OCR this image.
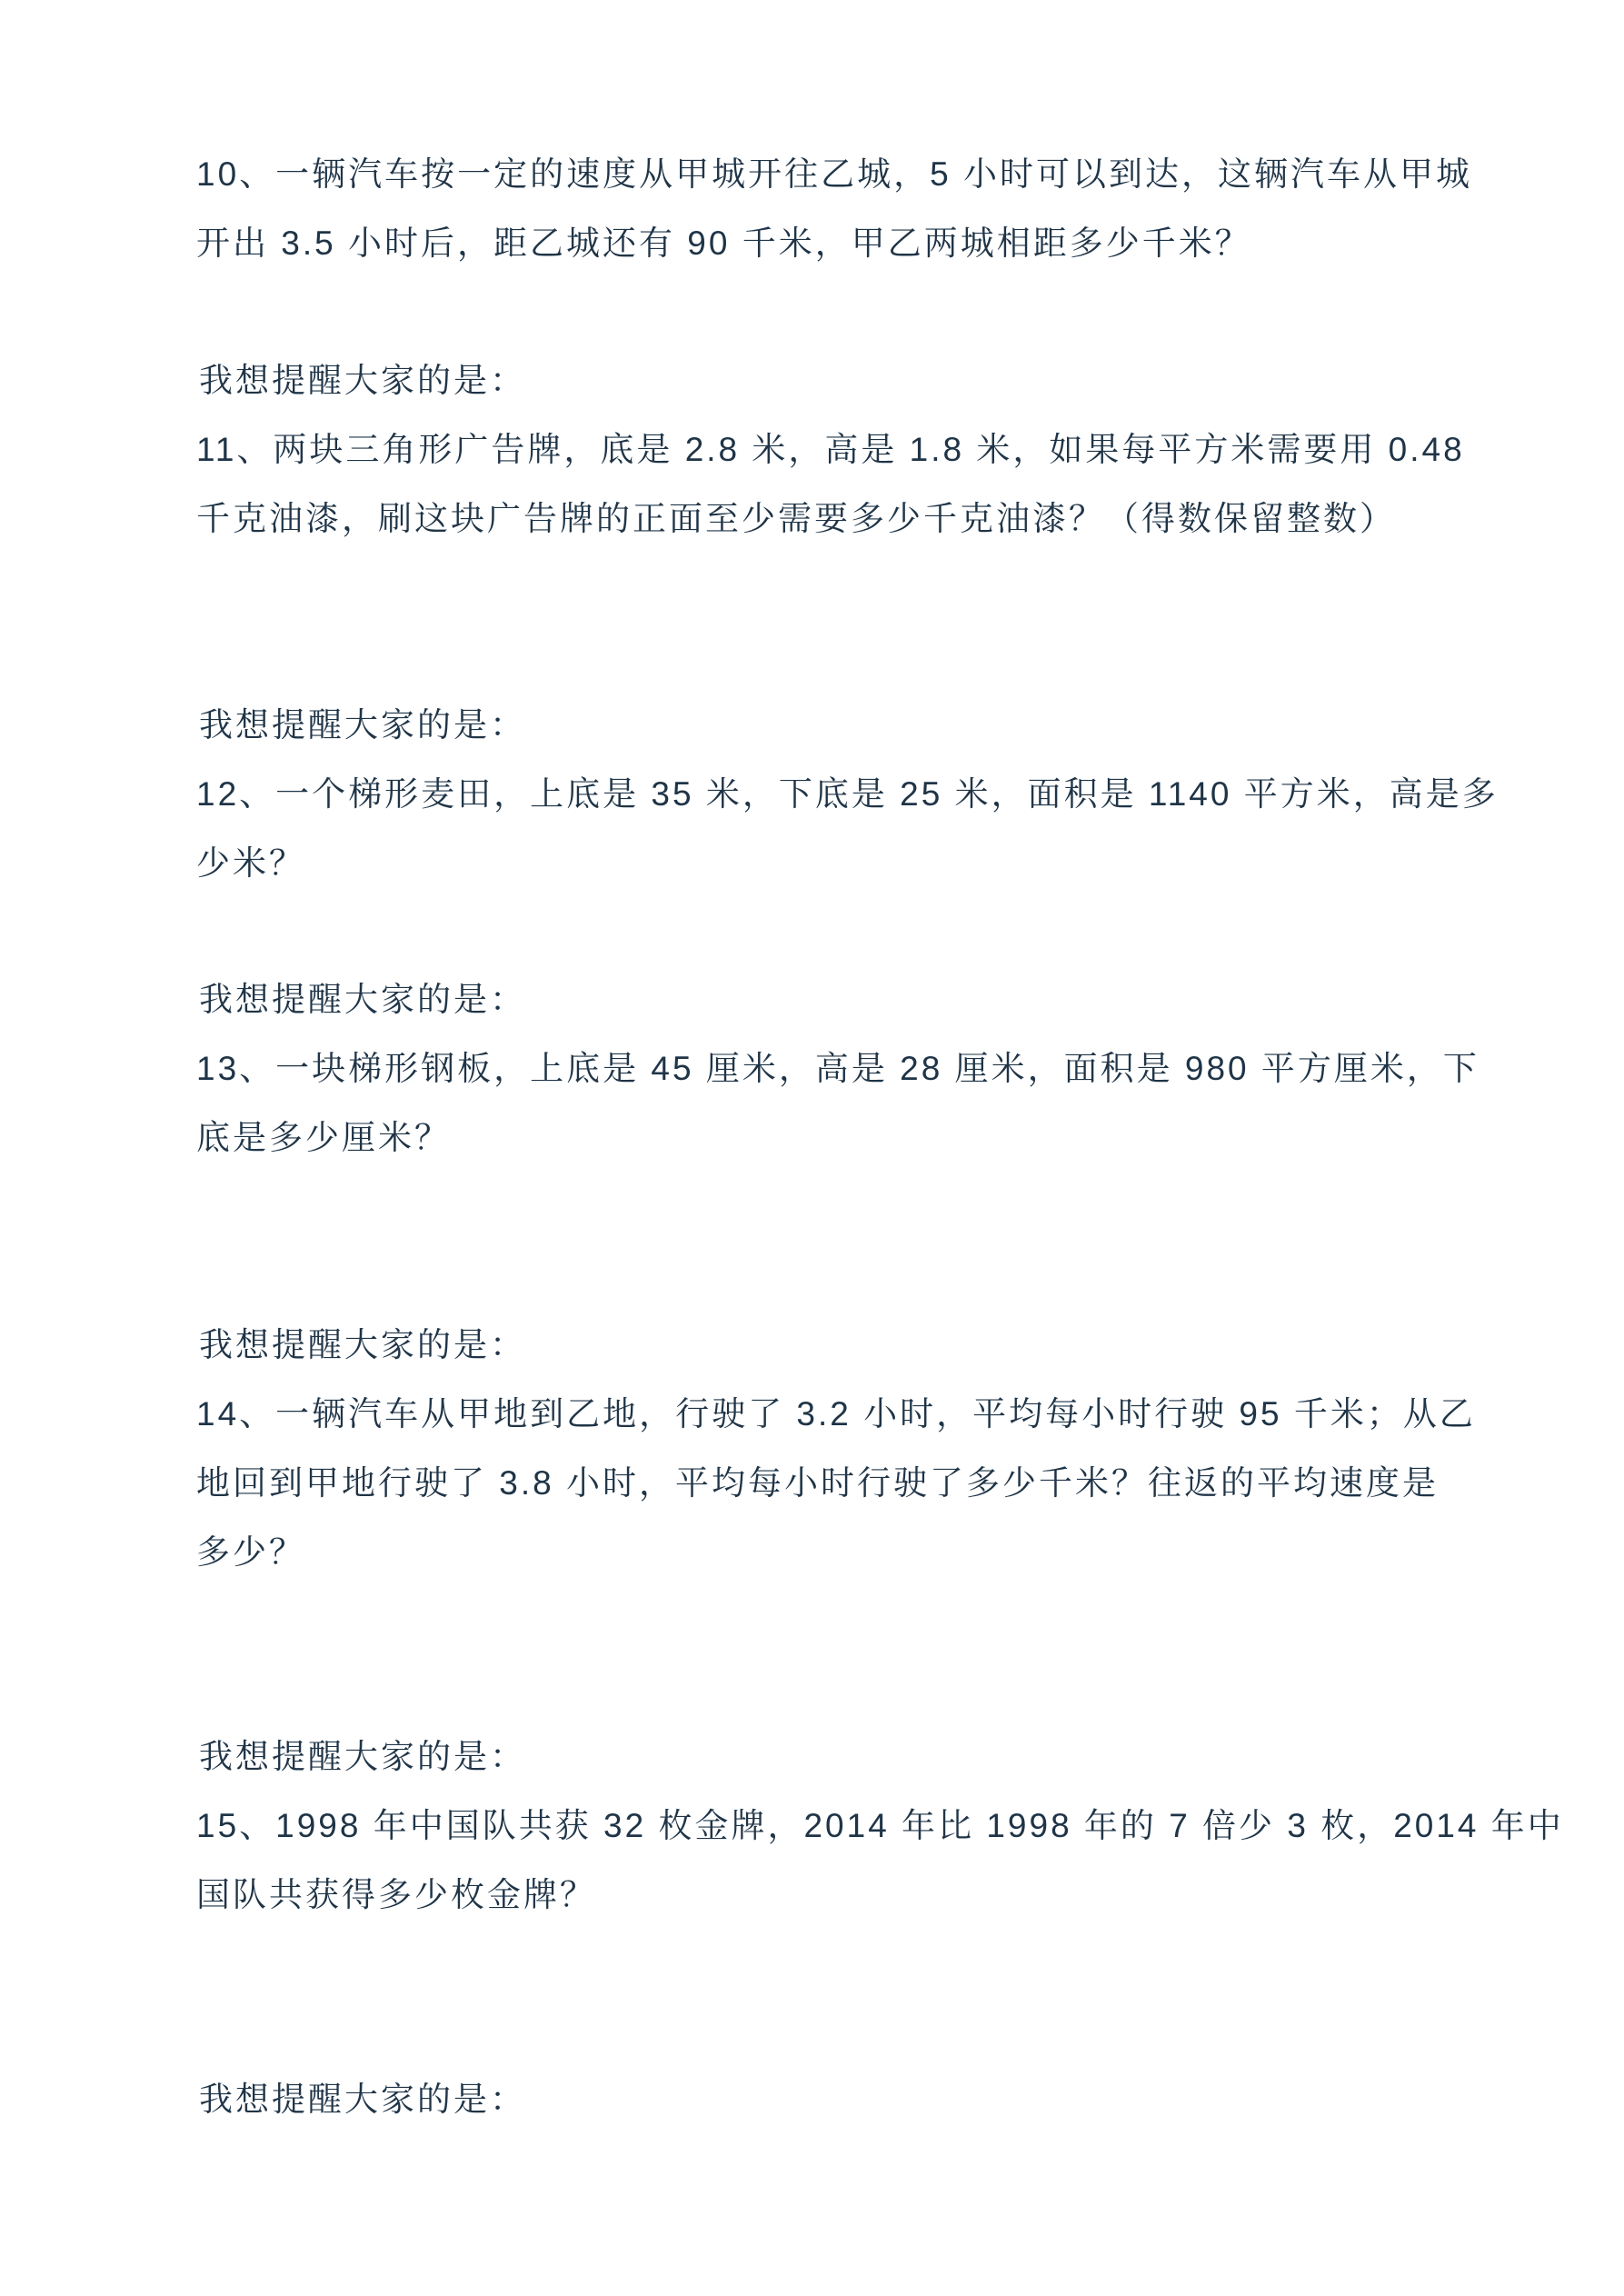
10、一辆汽车按一定的速度从甲城开往乙城，5 小时可以到达，这辆汽车从甲城
开出 3.5 小时后，距乙城还有 90 千米，甲乙两城相距多少千米？
我想提醒大家的是：
11、两块三角形广告牌，底是 2.8 米，高是 1.8 米，如果每平方米需要用 0.48
千克油漆，刷这块广告牌的正面至少需要多少千克油漆？（得数保留整数）
我想提醒大家的是：
12、一个梯形麦田，上底是 35 米，下底是 25 米，面积是 1140 平方米，高是多
少米？
我想提醒大家的是：
13、一块梯形钢板，上底是 45 厘米，高是 28 厘米，面积是 980 平方厘米，下
底是多少厘米？
我想提醒大家的是：
14、一辆汽车从甲地到乙地，行驶了 3.2 小时，平均每小时行驶 95 千米；从乙
地回到甲地行驶了 3.8 小时，平均每小时行驶了多少千米？往返的平均速度是
多少？
我想提醒大家的是：
15、1998 年中国队共获 32 枚金牌，2014 年比 1998 年的 7 倍少 3 枚，2014 年中
国队共获得多少枚金牌？
我想提醒大家的是：
